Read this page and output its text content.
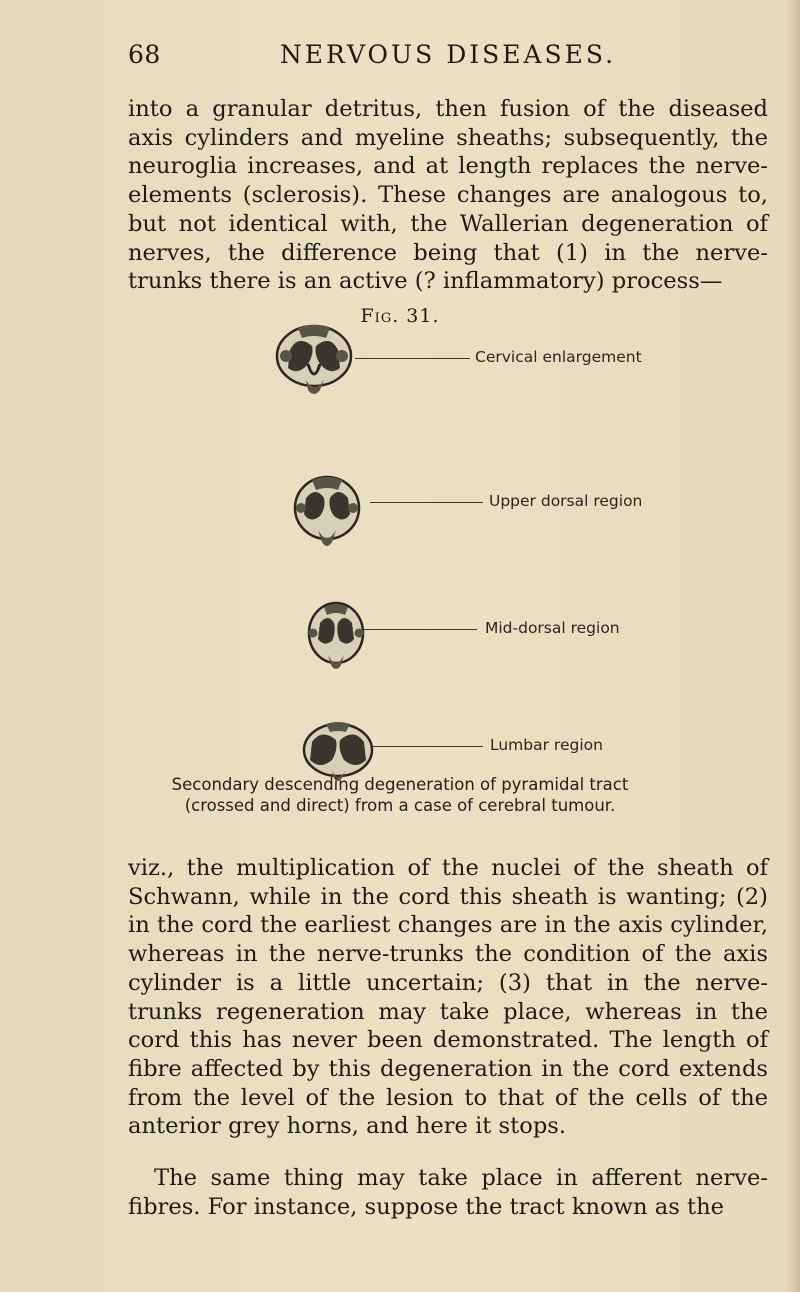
68	NERVOUS DISEASES.

into a granular detritus, then fusion of the diseased axis cylinders and myeline sheaths; subsequently, the neuroglia increases, and at length replaces the nerve-elements (sclerosis). These changes are analogous to, but not identical with, the Wallerian degeneration of nerves, the difference being that (1) in the nerve-trunks there is an active (? inflammatory) process—

Fig. 31.
Cervical enlargement
Upper dorsal region
Mid-dorsal region
Lumbar region
Secondary descending degeneration of pyramidal tract
(crossed and direct) from a case of cerebral tumour.

viz., the multiplication of the nuclei of the sheath of Schwann, while in the cord this sheath is wanting; (2) in the cord the earliest changes are in the axis cylinder, whereas in the nerve-trunks the condition of the axis cylinder is a little uncertain; (3) that in the nerve-trunks regeneration may take place, whereas in the cord this has never been demonstrated. The length of fibre affected by this degeneration in the cord extends from the level of the lesion to that of the cells of the anterior grey horns, and here it stops.

The same thing may take place in afferent nerve-fibres. For instance, suppose the tract known as the
